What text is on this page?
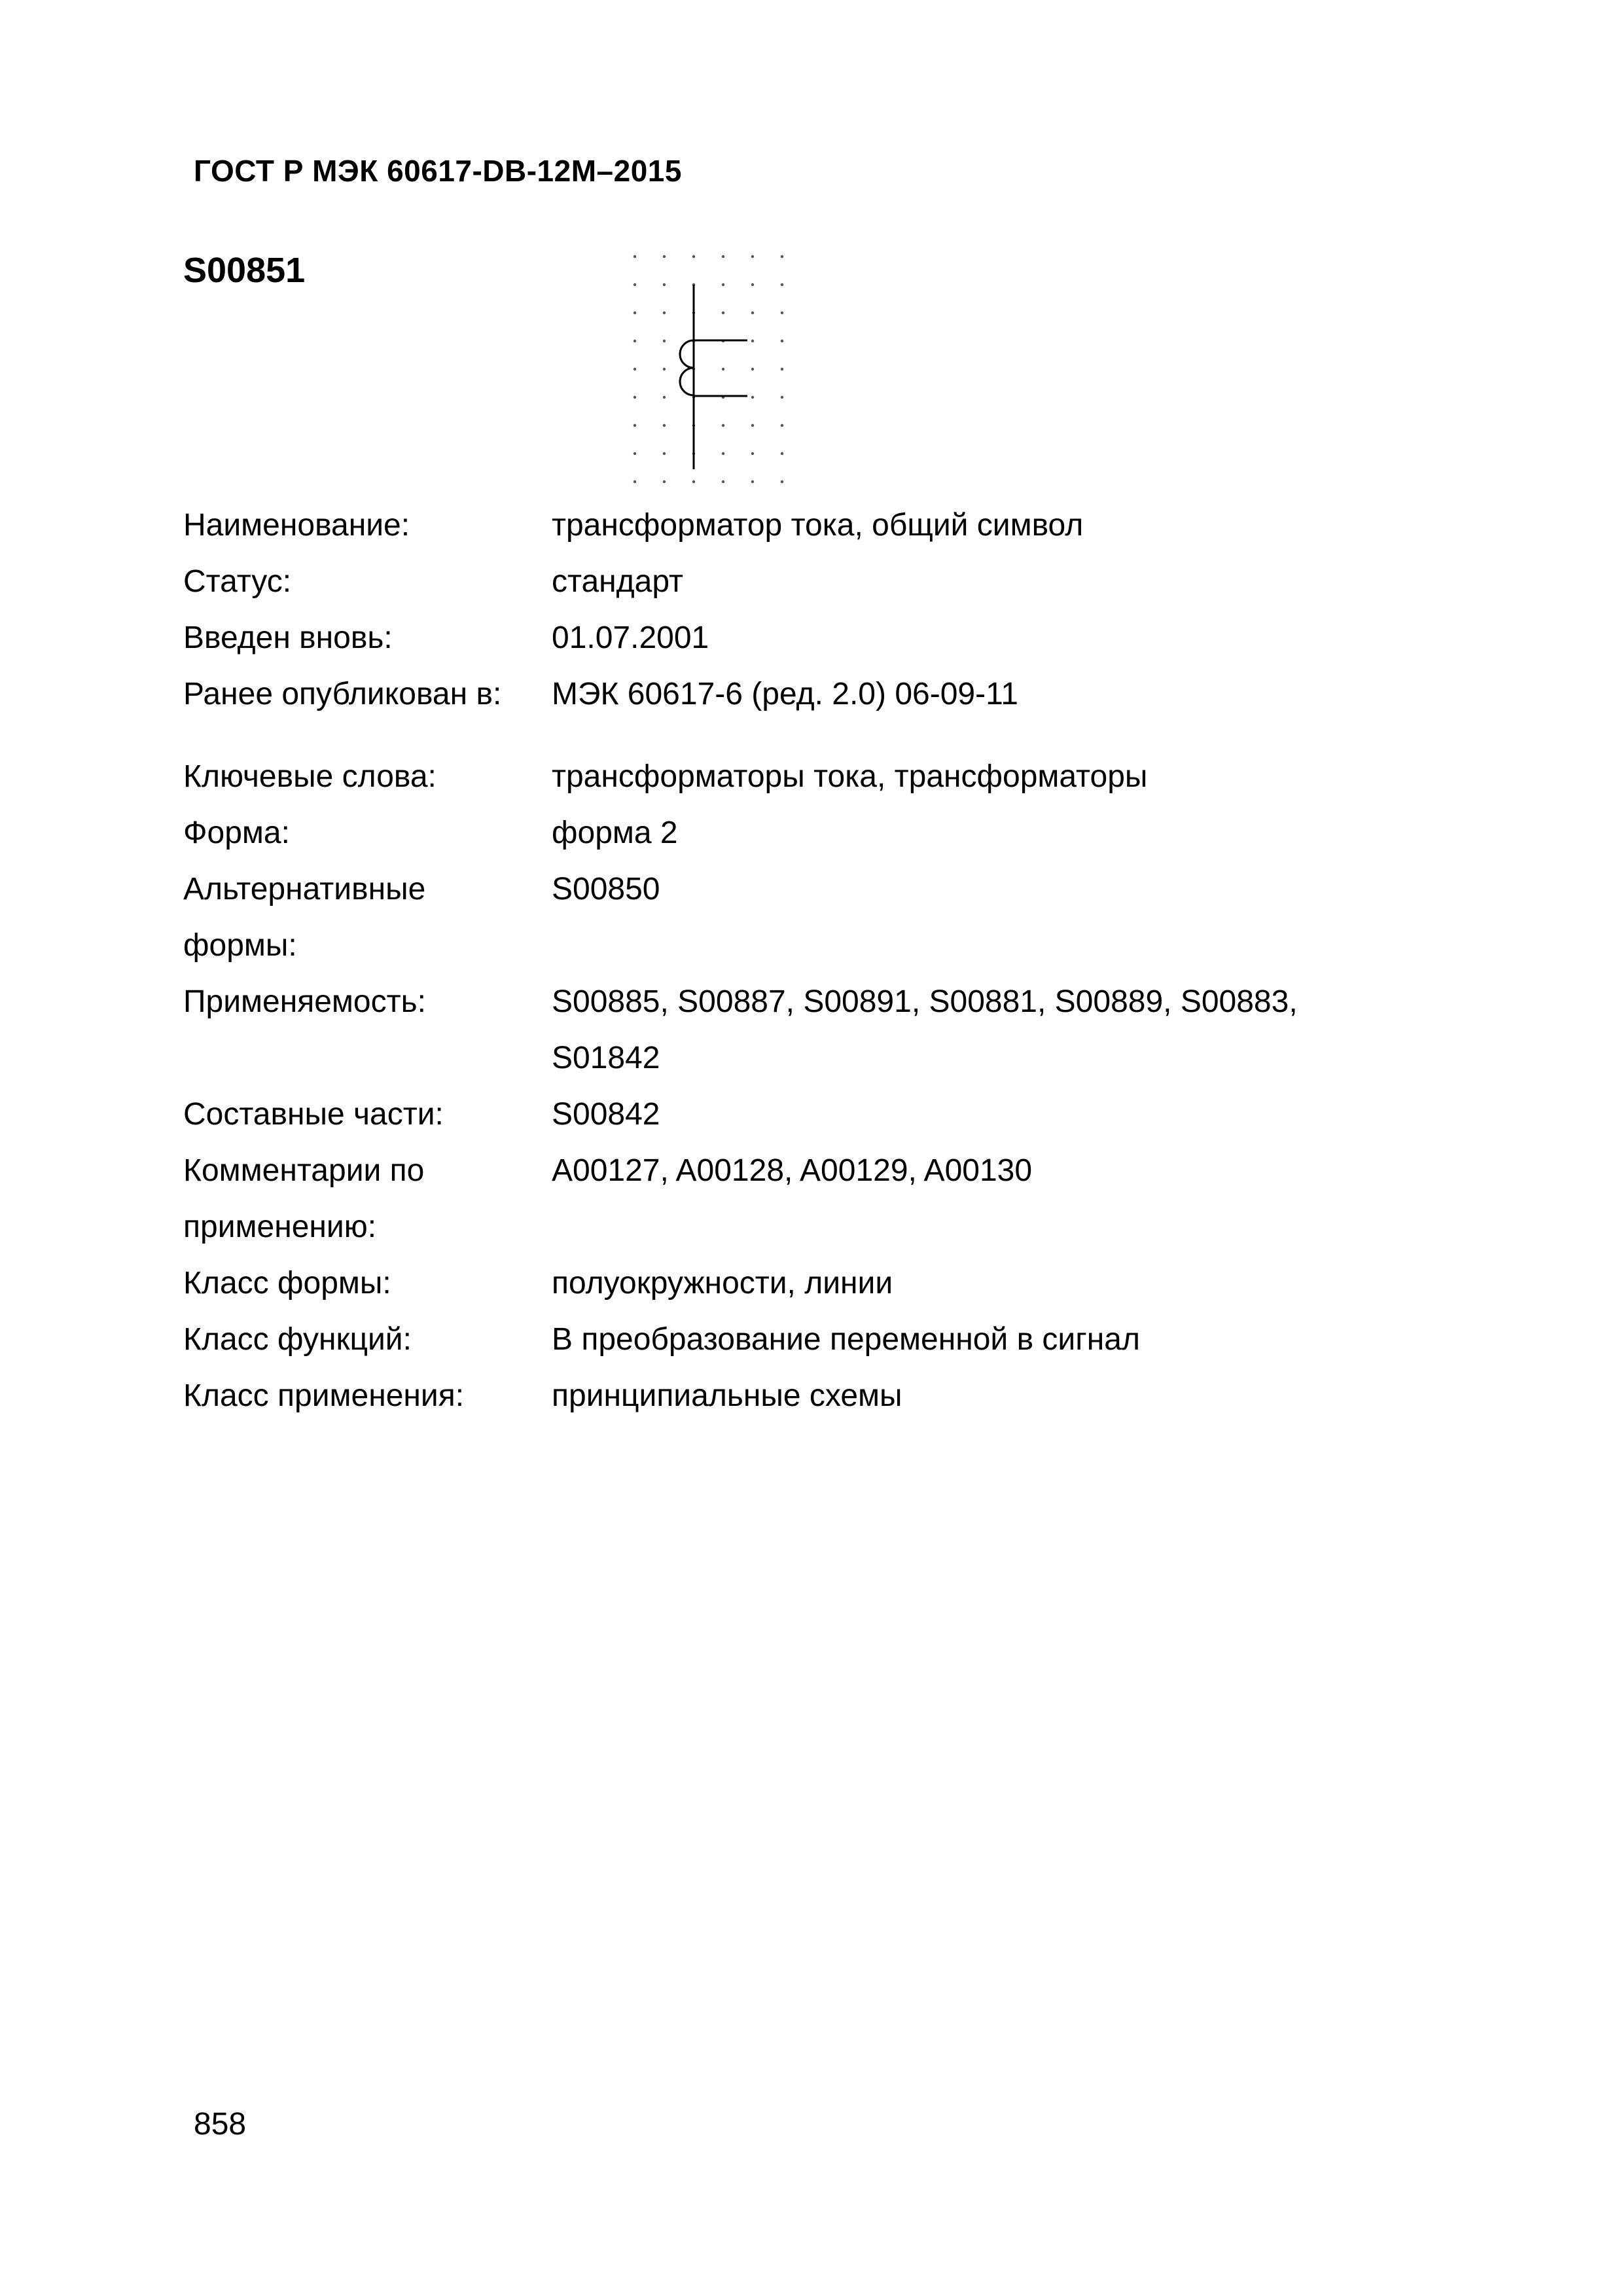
ГОСТ Р МЭК 60617-DB-12M–2015
S00851
Наименование:	трансформатор тока, общий символ
Статус:	стандарт
Введен вновь:	01.07.2001
Ранее опубликован в:	МЭК 60617-6 (ред. 2.0) 06-09-11
Ключевые слова:	трансформаторы тока, трансформаторы
Форма:	форма 2
Альтернативные	S00850
формы:
Применяемость:	S00885, S00887, S00891, S00881, S00889, S00883,
S01842
Составные части:	S00842
Комментарии по	A00127, A00128, A00129, A00130
применению:
Класс формы:	полуокружности, линии
Класс функций:	В преобразование переменной в сигнал
Класс применения:	принципиальные схемы
858
